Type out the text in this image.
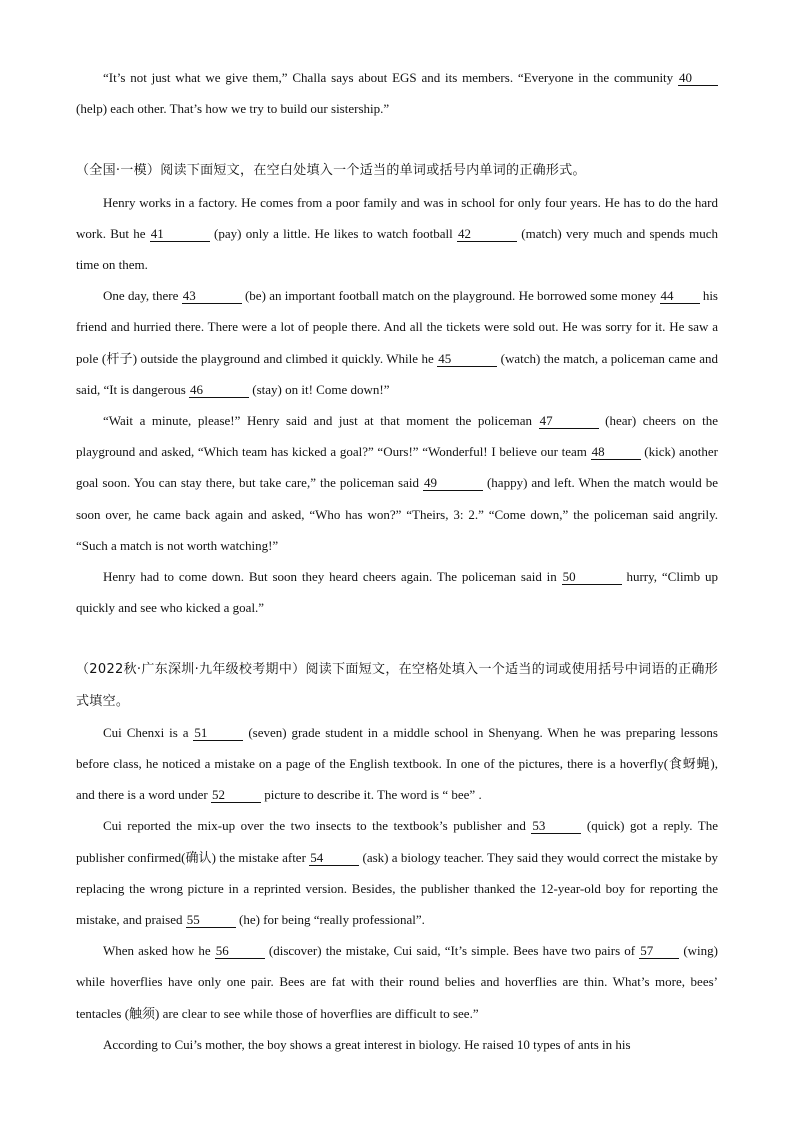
“It’s not just what we give them,” Challa says about EGS and its members. “Everyone in the community 40 (help) each other. That’s how we try to build our sistership.”

（全国·一模）阅读下面短文，在空白处填入一个适当的单词或括号内单词的正确形式。

Henry works in a factory. He comes from a poor family and was in school for only four years. He has to do the hard work. But he 41	(pay) only a little. He likes to watch football 42	(match) very much and spends much time on them.

One day, there 43	(be) an important football match on the playground. He borrowed some money 44 his friend and hurried there. There were a lot of people there. And all the tickets were sold out. He was sorry for it. He saw a pole (杆子) outside the playground and climbed it quickly. While he 45	(watch) the match, a policeman came and said, “It is dangerous 46	(stay) on it! Come down!”

“Wait a minute, please!” Henry said and just at that moment the policeman 47	(hear) cheers on the playground and asked, “Which team has kicked a goal?” “Ours!” “Wonderful! I believe our team 48	(kick) another goal soon. You can stay there, but take care,” the policeman said 49	(happy) and left. When the match would be soon over, he came back again and asked, “Who has won?” “Theirs, 3: 2.” “Come down,” the policeman said angrily. “Such a match is not worth watching!”

Henry had to come down. But soon they heard cheers again. The policeman said in 50	hurry, “Climb up quickly and see who kicked a goal.”

（2022秋·广东深圳·九年级校考期中）阅读下面短文，在空格处填入一个适当的词或使用括号中词语的正确形式填空。

Cui Chenxi is a 51	(seven) grade student in a middle school in Shenyang. When he was preparing lessons before class, he noticed a mistake on a page of the English textbook. In one of the pictures, there is a hoverfly(食蚜蝇), and there is a word under 52	picture to describe it. The word is “ bee” .

Cui reported the mix-up over the two insects to the textbook’s publisher and 53	(quick) got a reply. The publisher confirmed(确认) the mistake after 54	(ask) a biology teacher. They said they would correct the mistake by replacing the wrong picture in a reprinted version. Besides, the publisher thanked the 12-year-old boy for reporting the mistake, and praised 55	(he) for being “really professional”.

When asked how he 56	(discover) the mistake, Cui said, “It’s simple. Bees have two pairs of 57 (wing) while hoverflies have only one pair. Bees are fat with their round belies and hoverflies are thin. What’s more, bees’ tentacles (触须) are clear to see while those of hoverflies are difficult to see.”

According to Cui’s mother, the boy shows a great interest in biology. He raised 10 types of ants in his
